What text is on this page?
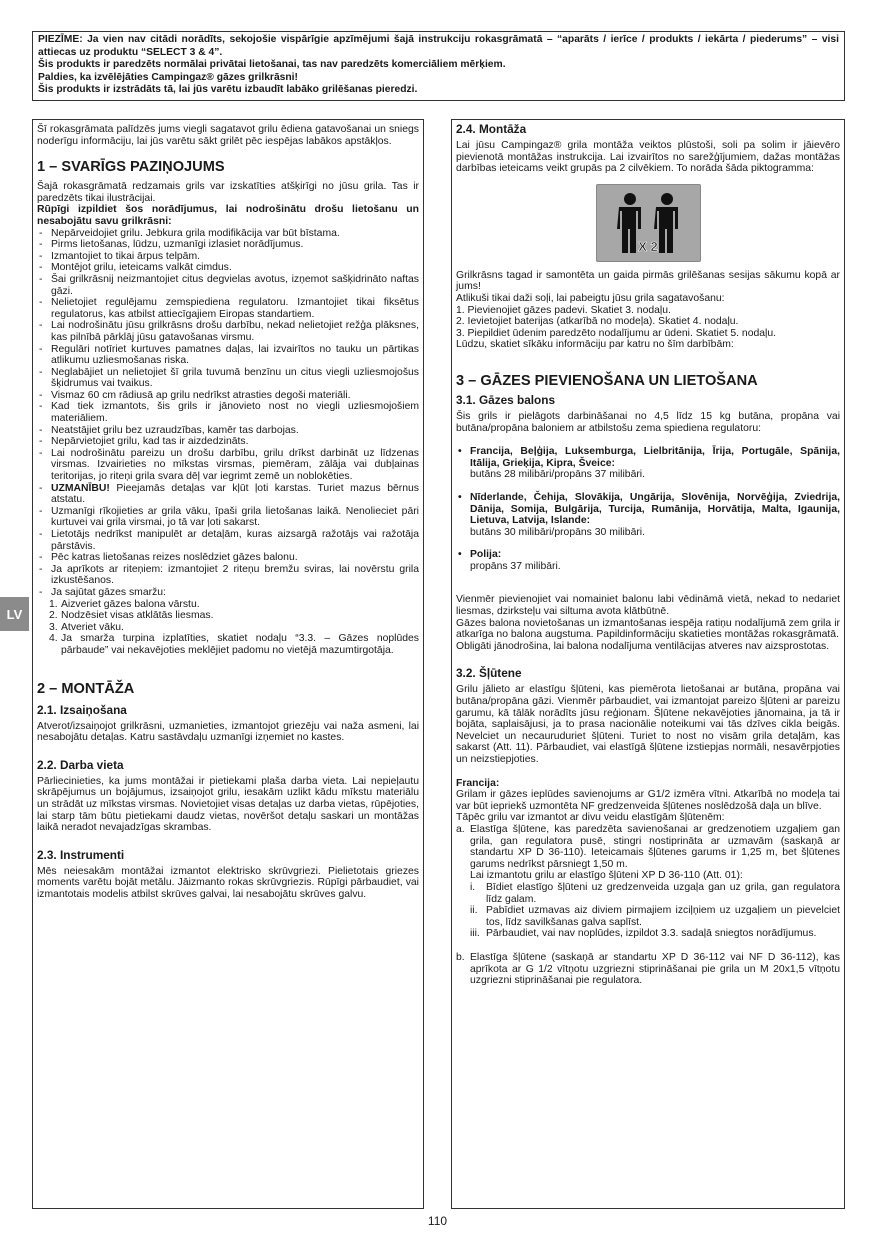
PIEZĪME: Ja vien nav citādi norādīts, sekojošie vispārīgie apzīmējumi šajā instrukciju rokasgrāmatā – “aparāts / ierīce / produkts / iekārta / piederums” – visi attiecas uz produktu “SELECT 3 & 4”.

Šis produkts ir paredzēts normālai privātai lietošanai, tas nav paredzēts komerciāliem mērķiem.

Paldies, ka izvēlējāties Campingaz® gāzes grilkrāsni!

Šis produkts ir izstrādāts tā, lai jūs varētu izbaudīt labāko grilēšanas pieredzi.

LV

Šī rokasgrāmata palīdzēs jums viegli sagatavot grilu ēdiena gatavošanai un sniegs noderīgu informāciju, lai jūs varētu sākt grilēt pēc iespējas labākos apstākļos.

1 – SVARĪGS PAZIŅOJUMS

Šajā rokasgrāmatā redzamais grils var izskatīties atšķirīgi no jūsu grila. Tas ir paredzēts tikai ilustrācijai.

Rūpīgi izpildiet šos norādījumus, lai nodrošinātu drošu lietošanu un nesabojātu savu grilkrāsni:

- Nepārveidojiet grilu. Jebkura grila modifikācija var būt bīstama.
- Pirms lietošanas, lūdzu, uzmanīgi izlasiet norādījumus.
- Izmantojiet to tikai ārpus telpām.
- Montējot grilu, ieteicams valkāt cimdus.
- Šai grilkrāsnij neizmantojiet citus degvielas avotus, izņemot sašķidrināto naftas gāzi.
- Nelietojiet regulējamu zemspiediena regulatoru. Izmantojiet tikai fiksētus regulatorus, kas atbilst attiecīgajiem Eiropas standartiem.
- Lai nodrošinātu jūsu grilkrāsns drošu darbību, nekad nelietojiet režģa plāksnes, kas pilnībā pārklāj jūsu gatavošanas virsmu.
- Regulāri notīriet kurtuves pamatnes daļas, lai izvairītos no tauku un pārtikas atlikumu uzliesmošanas riska.
- Neglabājiet un nelietojiet šī grila tuvumā benzīnu un citus viegli uzliesmojošus šķidrumus vai tvaikus.
- Vismaz 60 cm rādiusā ap grilu nedrīkst atrasties degoši materiāli.
- Kad tiek izmantots, šis grils ir jānovieto nost no viegli uzliesmojošiem materiāliem.
- Neatstājiet grilu bez uzraudzības, kamēr tas darbojas.
- Nepārvietojiet grilu, kad tas ir aizdedzināts.
- Lai nodrošinātu pareizu un drošu darbību, grilu drīkst darbināt uz līdzenas virsmas. Izvairieties no mīkstas virsmas, piemēram, zālāja vai dubļainas teritorijas, jo riteņi grila svara dēļ var iegrimt zemē un noblokēties.
- UZMANĪBU! Pieejamās detaļas var kļūt ļoti karstas. Turiet mazus bērnus atstatu.
- Uzmanīgi rīkojieties ar grila vāku, īpaši grila lietošanas laikā. Nenolieciet pāri kurtuvei vai grila virsmai, jo tā var ļoti sakarst.
- Lietotājs nedrīkst manipulēt ar detaļām, kuras aizsargā ražotājs vai ražotāja pārstāvis.
- Pēc katras lietošanas reizes noslēdziet gāzes balonu.
- Ja aprīkots ar riteņiem: izmantojiet 2 riteņu bremžu sviras, lai novērstu grila izkustēšanos.
- Ja sajūtat gāzes smaržu:
1. Aizveriet gāzes balona vārstu.
2. Nodzēsiet visas atklātās liesmas.
3. Atveriet vāku.
4. Ja smarža turpina izplatīties, skatiet nodaļu “3.3. – Gāzes noplūdes pārbaude” vai nekavējoties meklējiet padomu no vietējā mazumtirgotāja.
2 – MONTĀŽA
2.1. Izsaiņošana

Atverot/izsaiņojot grilkrāsni, uzmanieties, izmantojot griezēju vai naža asmeni, lai nesabojātu detaļas. Katru sastāvdaļu uzmanīgi izņemiet no kastes.

2.2. Darba vieta

Pārliecinieties, ka jums montāžai ir pietiekami plaša darba vieta. Lai nepieļautu skrāpējumus un bojājumus, izsaiņojot grilu, iesakām uzlikt kādu mīkstu materiālu un strādāt uz mīkstas virsmas. Novietojiet visas detaļas uz darba vietas, rūpējoties, lai starp tām būtu pietiekami daudz vietas, novēršot detaļu saskari un montāžas laikā neradot nevajadzīgas skrambas.

2.3. Instrumenti

Mēs neiesakām montāžai izmantot elektrisko skrūvgriezi. Pielietotais griezes moments varētu bojāt metālu. Jāizmanto rokas skrūvgriezis. Rūpīgi pārbaudiet, vai izmantotais modelis atbilst skrūves galvai, lai nesabojātu skrūves galvu.

2.4. Montāža

Lai jūsu Campingaz® grila montāža veiktos plūstoši, soli pa solim ir jāievēro pievienotā montāžas instrukcija. Lai izvairītos no sarežģījumiem, dažas montāžas darbības ieteicams veikt grupās pa 2 cilvēkiem. To norāda šāda piktogramma:

X 2

Grilkrāsns tagad ir samontēta un gaida pirmās grilēšanas sesijas sākumu kopā ar jums!

Atlikuši tikai daži soļi, lai pabeigtu jūsu grila sagatavošanu:

1. Pievienojiet gāzes padevi. Skatiet 3. nodaļu.

2. Ievietojiet baterijas (atkarībā no modeļa). Skatiet 4. nodaļu.

3. Piepildiet ūdenim paredzēto nodalījumu ar ūdeni. Skatiet 5. nodaļu.

Lūdzu, skatiet sīkāku informāciju par katru no šīm darbībām:

3 – GĀZES PIEVIENOŠANA UN LIETOŠANA
3.1. Gāzes balons

Šis grils ir pielāgots darbināšanai no 4,5 līdz 15 kg butāna, propāna vai butāna/propāna baloniem ar atbilstošu zema spiediena regulatoru:

• Francija, Beļģija, Luksemburga, Lielbritānija, Īrija, Portugāle, Spānija, Itālija, Grieķija, Kipra, Šveice:
butāns 28 milibāri/propāns 37 milibāri.
• Nīderlande, Čehija, Slovākija, Ungārija, Slovēnija, Norvēģija, Zviedrija, Dānija, Somija, Bulgārija, Turcija, Rumānija, Horvātija, Malta, Igaunija, Lietuva, Latvija, Islande:
butāns 30 milibāri/propāns 30 milibāri.
• Polija:
propāns 37 milibāri.

Vienmēr pievienojiet vai nomainiet balonu labi vēdināmā vietā, nekad to nedariet liesmas, dzirksteļu vai siltuma avota klātbūtnē.

Gāzes balona novietošanas un izmantošanas iespēja ratiņu nodalījumā zem grila ir atkarīga no balona augstuma. Papildinformāciju skatieties montāžas rokasgrāmatā.

Obligāti jānodrošina, lai balona nodalījuma ventilācijas atveres nav aizsprostotas.

3.2. Šļūtene

Grilu jālieto ar elastīgu šļūteni, kas piemērota lietošanai ar butāna, propāna vai butāna/propāna gāzi. Vienmēr pārbaudiet, vai izmantojat pareizo šļūteni ar pareizu garumu, kā tālāk norādīts jūsu reģionam. Šļūtene nekavējoties jānomaina, ja tā ir bojāta, saplaisājusi, ja to prasa nacionālie noteikumi vai tās dzīves cikla beigās. Nevelciet un necauruduriet šļūteni. Turiet to nost no visām grila detaļām, kas sakarst (Att. 11). Pārbaudiet, vai elastīgā šļūtene izstiepjas normāli, nesavērpjoties un neizstiepjoties.

Francija:

Grilam ir gāzes ieplūdes savienojums ar G1/2 izmēra vītni. Atkarībā no modeļa tai var būt iepriekš uzmontēta NF gredzenveida šļūtenes noslēdzošā daļa un blīve.

Tāpēc grilu var izmantot ar divu veidu elastīgām šļūtenēm:

a. Elastīga šļūtene, kas paredzēta savienošanai ar gredzenotiem uzgaļiem gan grila, gan regulatora pusē, stingri nostiprināta ar uzmavām (saskaņā ar standartu XP D 36-110). Ieteicamais šļūtenes garums ir 1,25 m, bet šļūtenes garums nedrīkst pārsniegt 1,50 m.
Lai izmantotu grilu ar elastīgo šļūteni XP D 36-110 (Att. 01):
i. Bīdiet elastīgo šļūteni uz gredzenveida uzgaļa gan uz grila, gan regulatora līdz galam.
ii. Pabīdiet uzmavas aiz diviem pirmajiem izciļņiem uz uzgaļiem un pievelciet tos, līdz savilkšanas galva saplīst.
iii. Pārbaudiet, vai nav noplūdes, izpildot 3.3. sadaļā sniegtos norādījumus.
b. Elastīga šļūtene (saskaņā ar standartu XP D 36-112 vai NF D 36-112), kas aprīkota ar G 1/2 vītņotu uzgriezni stiprināšanai pie grila un M 20x1,5 vītņotu uzgriezni stiprināšanai pie regulatora.
110
